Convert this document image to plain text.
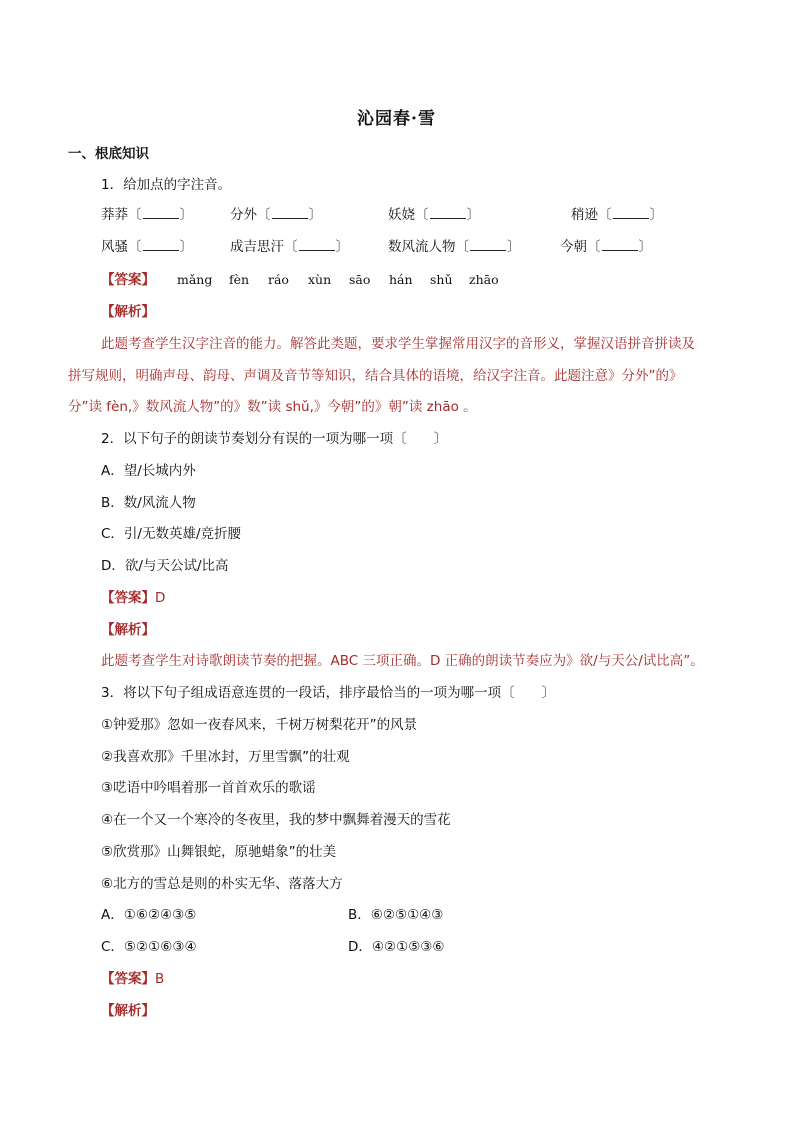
沁园春·雪
一、根底知识
1．给加点的字注音。
莽莽〔	〕	分外〔	〕	妖娆〔	〕	稍逊〔	〕
风骚〔	〕	成吉思汗〔	〕	数风流人物〔	〕	今朝〔	〕
【答案】 mǎng fèn ráo xùn sāo hán shǔ zhāo
【解析】
此题考查学生汉字注音的能力。解答此类题，要求学生掌握常用汉字的音形义，掌握汉语拼音拼读及
拼写规则，明确声母、韵母、声调及音节等知识，结合具体的语境，给汉字注音。此题注意》分外”的》
分”读 fèn,》数风流人物”的》数”读 shǔ,》今朝”的》朝”读 zhāo 。
2．以下句子的朗读节奏划分有误的一项为哪一项〔　　〕
A．望/长城内外
B．数/风流人物
C．引/无数英雄/竞折腰
D．欲/与天公试/比高
【答案】D
【解析】
此题考查学生对诗歌朗读节奏的把握。ABC 三项正确。D 正确的朗读节奏应为》欲/与天公/试比高”。
3．将以下句子组成语意连贯的一段话，排序最恰当的一项为哪一项〔　　〕
①钟爱那》忽如一夜春风来，千树万树梨花开”的风景
②我喜欢那》千里冰封，万里雪飘”的壮观
③呓语中吟唱着那一首首欢乐的歌谣
④在一个又一个寒冷的冬夜里，我的梦中飘舞着漫天的雪花
⑤欣赏那》山舞银蛇，原驰蜡象”的壮美
⑥北方的雪总是则的朴实无华、落落大方
A．①⑥②④③⑤	B．⑥②⑤①④③
C．⑤②①⑥③④	D．④②①⑤③⑥
【答案】B
【解析】
